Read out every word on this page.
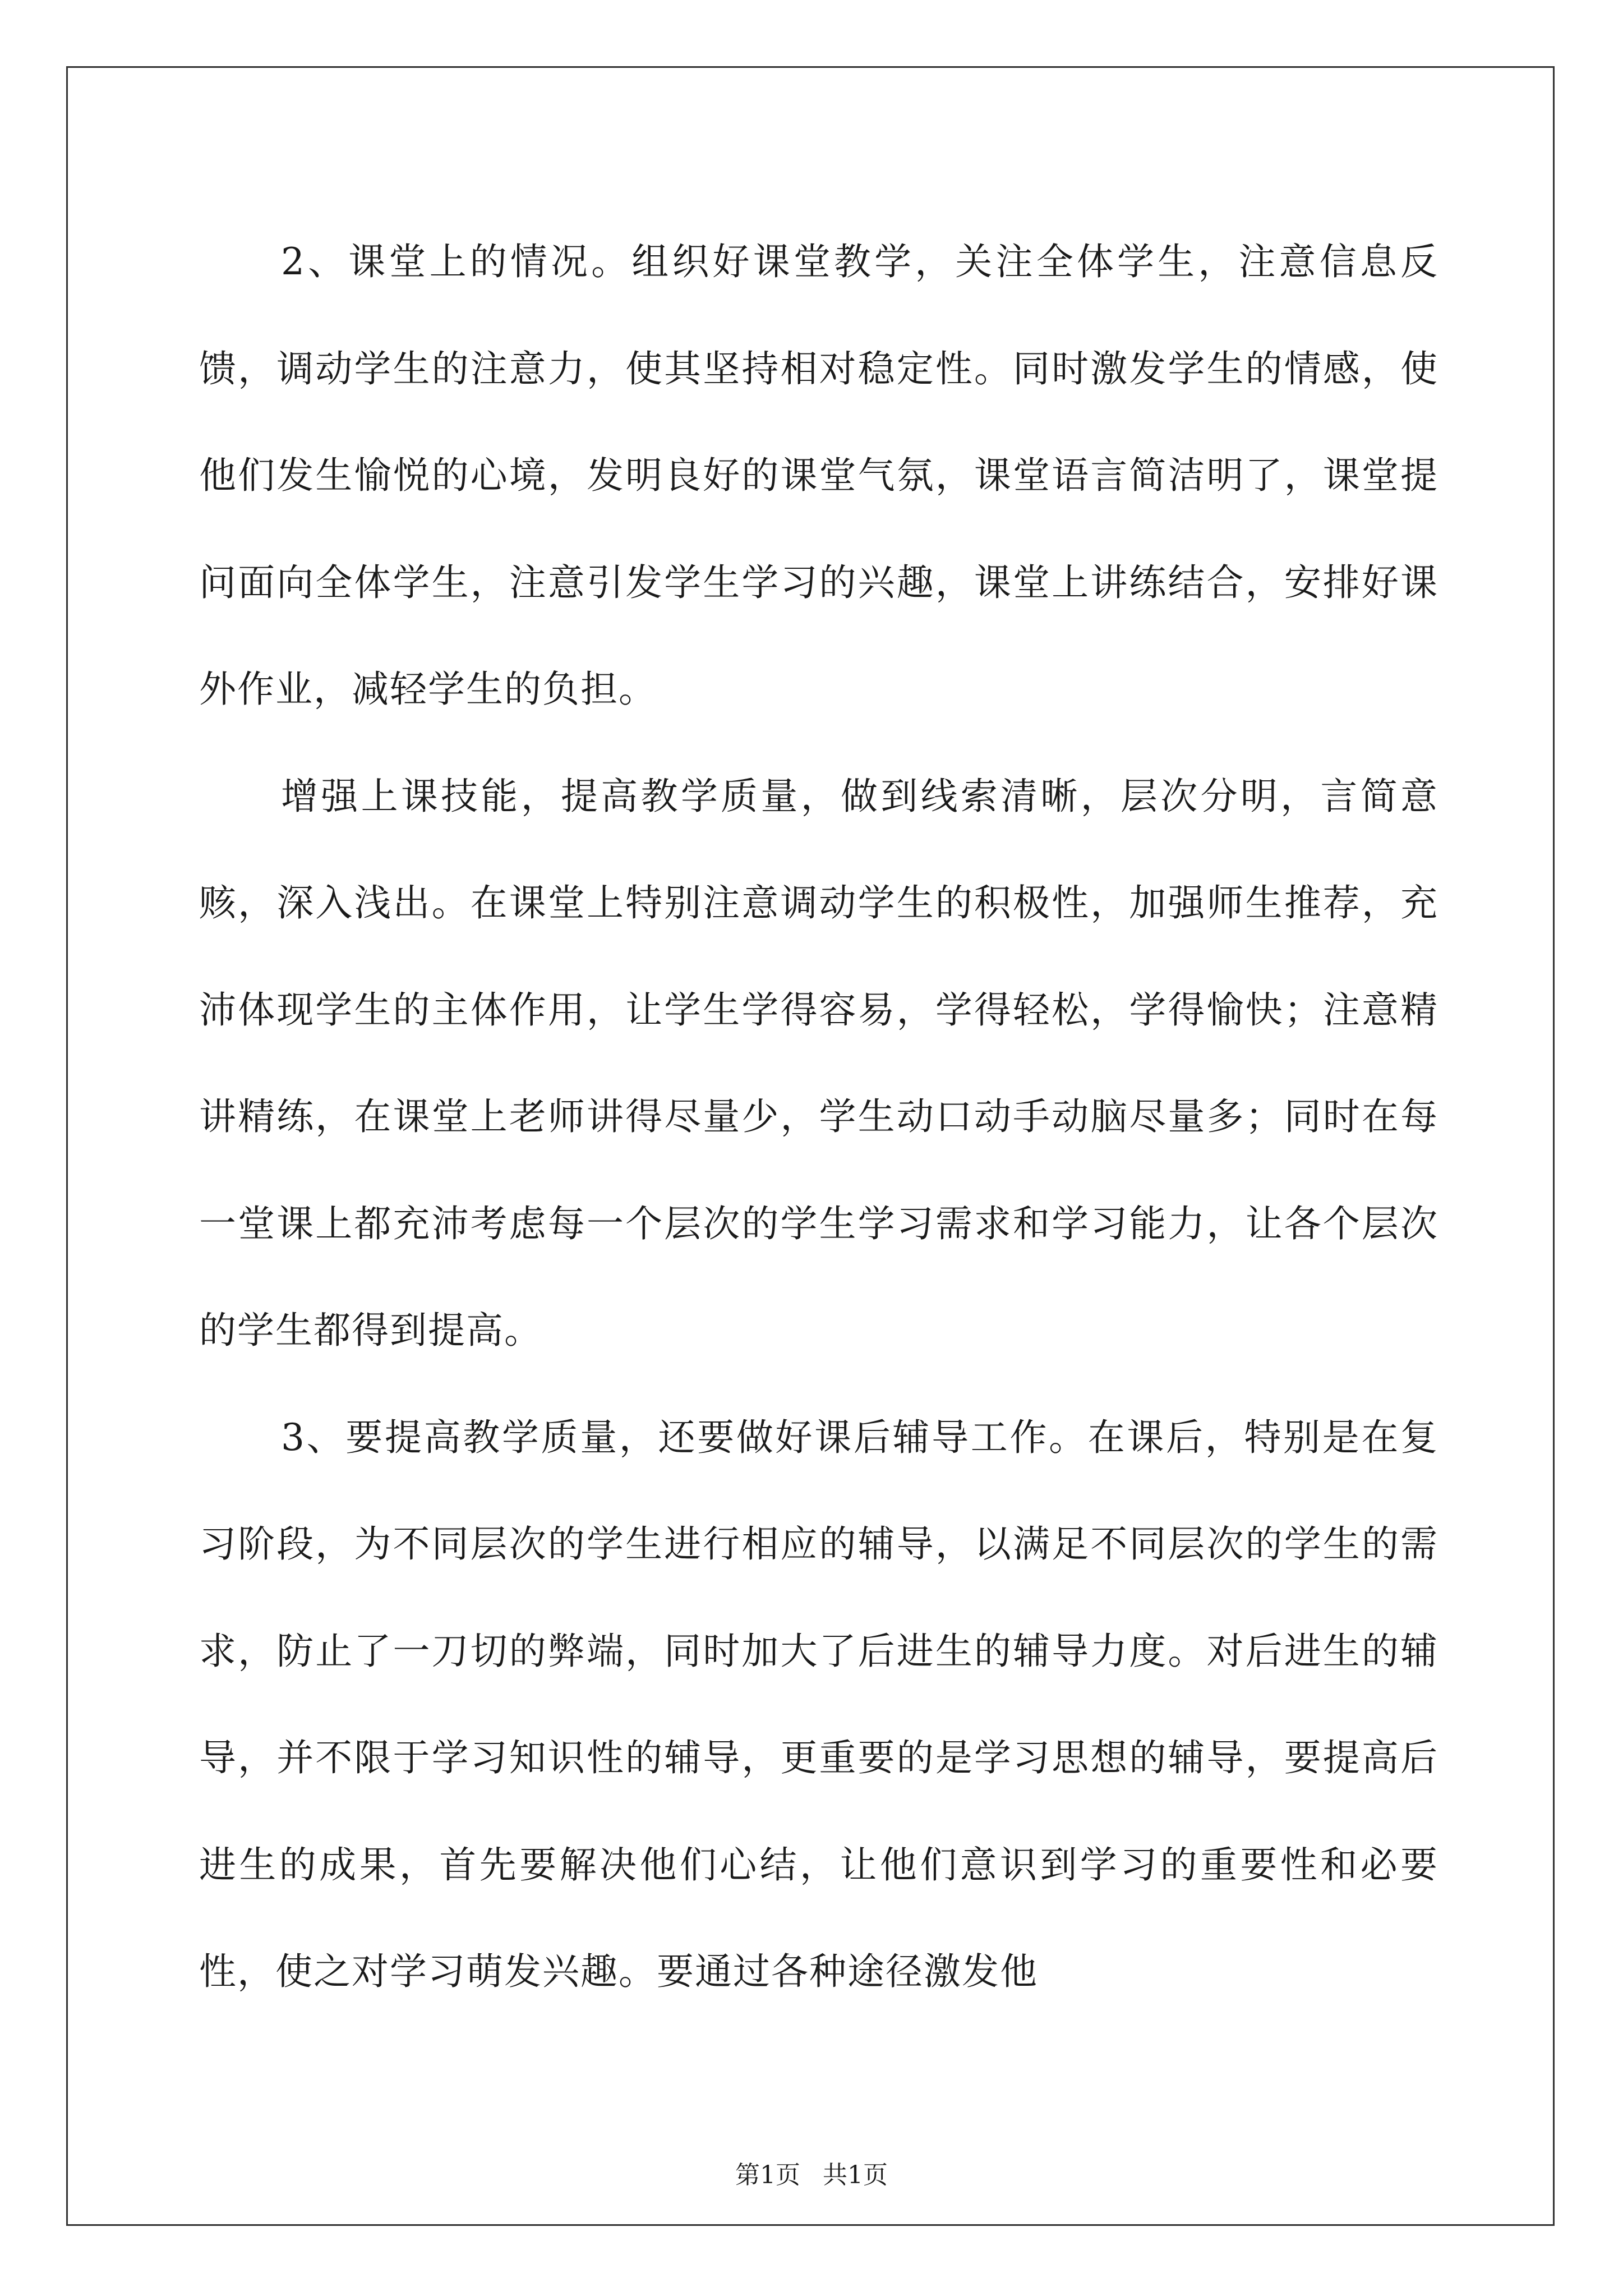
2、课堂上的情况。组织好课堂教学，关注全体学生，注意信息反馈，调动学生的注意力，使其坚持相对稳定性。同时激发学生的情感，使他们发生愉悦的心境，发明良好的课堂气氛，课堂语言简洁明了，课堂提问面向全体学生，注意引发学生学习的兴趣，课堂上讲练结合，安排好课外作业，减轻学生的负担。

增强上课技能，提高教学质量，做到线索清晰，层次分明，言简意赅，深入浅出。在课堂上特别注意调动学生的积极性，加强师生推荐，充沛体现学生的主体作用，让学生学得容易，学得轻松，学得愉快；注意精讲精练，在课堂上老师讲得尽量少，学生动口动手动脑尽量多；同时在每一堂课上都充沛考虑每一个层次的学生学习需求和学习能力，让各个层次的学生都得到提高。

3、要提高教学质量，还要做好课后辅导工作。在课后，特别是在复习阶段，为不同层次的学生进行相应的辅导，以满足不同层次的学生的需求，防止了一刀切的弊端，同时加大了后进生的辅导力度。对后进生的辅导，并不限于学习知识性的辅导，更重要的是学习思想的辅导，要提高后进生的成果，首先要解决他们心结，让他们意识到学习的重要性和必要性，使之对学习萌发兴趣。要通过各种途径激发他

第1页 共1页
